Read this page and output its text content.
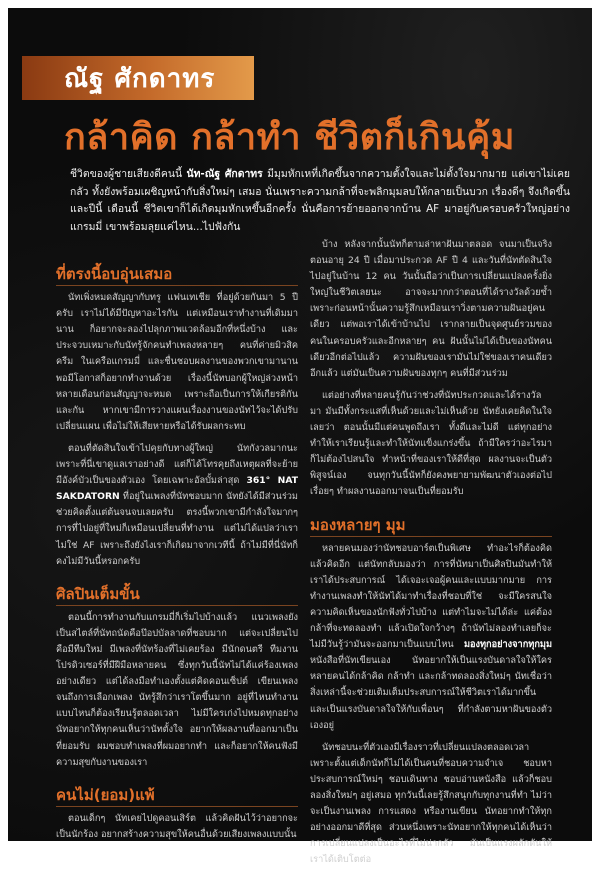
ณัฐ ศักดาทร
กล้าคิด กล้าทำ ชีวิตก็เกินคุ้ม
ชีวิตของผู้ชายเสียงดีคนนี้ นัท-ณัฐ ศักดาทร มีมุมหักเหที่เกิดขึ้นจากความตั้งใจและไม่ตั้งใจมากมาย แต่เขาไม่เคยกลัว ทั้งยังพร้อมเผชิญหน้ากับสิ่งใหม่ๆ เสมอ นั่นเพราะความกล้าที่จะพลิกมุมลบให้กลายเป็นบวก เรื่องดีๆ จึงเกิดขึ้น และปีนี้ เดือนนี้ ชีวิตเขาก็ได้เกิดมุมหักเหขึ้นอีกครั้ง นั่นคือการย้ายออกจากบ้าน AF มาอยู่กับครอบครัวใหญ่อย่างแกรมมี่ เขาพร้อมลุยแค่ไหน...ไปฟังกัน
ที่ตรงนี้อบอุ่นเสมอ

นัทเพิ่งหมดสัญญากับทรู แฟนเทเชีย ที่อยู่ด้วยกันมา 5 ปีครับ เราไม่ได้มีปัญหาอะไรกัน แต่เหมือนเราทำงานที่เดิมมานาน ก็อยากจะลองไปลุกภาพแวดล้อมอีกที่หนึ่งบ้าง และประจวบเหมาะกับนัทรู้จักคนทำเพลงหลายๆ คนที่ค่ายมิวสิค ครีม ในเครือแกรมมี่ และชื่นชอบผลงานของพวกเขามานาน พอมีโอกาสก็อยากทำงานด้วย เรื่องนี้นัทบอกผู้ใหญ่ล่วงหน้าหลายเดือนก่อนสัญญาจะหมด เพราะถือเป็นการให้เกียรติกันและกัน หากเขามีการวางแผนเรื่องงานของนัทไว้จะได้ปรับเปลี่ยนแผน เพื่อไม่ให้เสียหายหรือได้รับผลกระทบ

ตอนที่ตัดสินใจเข้าไปคุยกับทางผู้ใหญ่ นัทกังวลมากนะ เพราะที่นี่เขาดูแลเราอย่างดี แต่ก็ได้โทรคุยถึงเหตุผลที่จะย้าย มีอังค์บัวเป็นของตัวเอง โดยเฉพาะอัลบั้มล่าสุด 361° NAT SAKDATORN ที่อยู่ในเพลงที่นัทชอบมาก นัทยังได้มีส่วนร่วมช่วยคิดตั้งแต่ต้นจนจบเลยครับ ตรงนี้พวกเขามีกำลังใจมากๆ การที่ไปอยู่ที่ใหม่ก็เหมือนเปลี่ยนที่ทำงาน แต่ไม่ได้แปลว่าเราไม่ใช่ AF เพราะถึงยังไงเราก็เกิดมาจากเวทีนี้ ถ้าไม่มีที่นี่นัทก็คงไม่มีวันนี้หรอกครับ

ศิลปินเต็มขั้น

ตอนนี้การทำงานกับแกรมมี่ก็เริ่มไปบ้างแล้ว แนวเพลงยังเป็นสไตล์ที่นัทถนัดคือป๊อปบัลลาดที่ชอบมาก แต่จะเปลี่ยนไปคือมีทีมใหม่ มีเพลงที่นัทร้องที่ไม่เคยร้อง มีนักดนตรี ทีมงาน โปรดิวเซอร์ที่มีฝีมือหลายคน ซึ่งทุกวันนี้นัทไม่ได้แค่ร้องเพลงอย่างเดียว แต่ได้ลงมือทำเองตั้งแต่คิดคอนเซ็ปต์ เขียนเพลง จนถึงการเลือกเพลง นัทรู้สึกว่าเราโตขึ้นมาก อยู่ที่ไหนทำงานแบบไหนก็ต้องเรียนรู้ตลอดเวลา ไม่มีใครเก่งไปหมดทุกอย่าง นัทอยากให้ทุกคนเห็นว่านัทตั้งใจ อยากให้ผลงานที่ออกมาเป็นที่ยอมรับ ผมชอบทำเพลงที่ผมอยากทำ และก็อยากให้คนฟังมีความสุขกับงานของเรา

คนไม่(ยอม)แพ้

ตอนเด็กๆ นัทเคยไปดูคอนเสิร์ต แล้วคิดฝันไว้ว่าอยากจะเป็นนักร้อง อยากสร้างความสุขให้คนอื่นด้วยเสียงเพลงแบบนั้น

บ้าง หลังจากนั้นนัทก็ตามล่าหาฝันมาตลอด จนมาเป็นจริงตอนอายุ 24 ปี เมื่อมาประกวด AF ปี 4 และวันที่นัทตัดสินใจไปอยู่ในบ้าน 12 คน วันนั้นถือว่าเป็นการเปลี่ยนแปลงครั้งยิ่งใหญ่ในชีวิตเลยนะ อาจจะมากกว่าตอนที่ได้รางวัลด้วยซ้ำ เพราะก่อนหน้านั้นความรู้สึกเหมือนเราวิ่งตามความฝันอยู่คนเดียว แต่พอเราได้เข้าบ้านไป เรากลายเป็นจุดศูนย์รวมของคนในครอบครัวและอีกหลายๆ คน ฝันนั้นไม่ได้เป็นของนัทคนเดียวอีกต่อไปแล้ว ความฝันของเรามันไม่ใช่ของเราคนเดียวอีกแล้ว แต่มันเป็นความฝันของทุกๆ คนที่มีส่วนร่วม

แต่อย่างที่หลายคนรู้กันว่าช่วงที่นัทประกวดและได้รางวัลมา มันมีทั้งกระแสที่เห็นด้วยและไม่เห็นด้วย นัทยังเคยคิดในใจเลยว่า ตอนนั้นมีแต่คนพูดถึงเรา ทั้งดีและไม่ดี แต่ทุกอย่างทำให้เราเรียนรู้และทำให้นัทแข็งแกร่งขึ้น ถ้ามีใครว่าอะไรมาก็ไม่ต้องไปสนใจ ทำหน้าที่ของเราให้ดีที่สุด ผลงานจะเป็นตัวพิสูจน์เอง จนทุกวันนี้นัทก็ยังคงพยายามพัฒนาตัวเองต่อไปเรื่อยๆ ทำผลงานออกมาจนเป็นที่ยอมรับ

มองหลายๆ มุม

หลายคนมองว่านัทชอบอาร์ตเป็นพิเศษ ทำอะไรก็ต้องคิดแล้วคิดอีก แต่นัทกลับมองว่า การที่นัทมาเป็นศิลปินมันทำให้เราได้ประสบการณ์ ได้เจอะเจอผู้คนและแบบมากมาย การทำงานเพลงทำให้นัทได้มาทำเรื่องที่ชอบที่ใช่ จะมีใครสนใจความคิดเห็นของนักฟังทั่วไปบ้าง แต่ทำไมจะไม่ได้ล่ะ แค่ต้องกล้าที่จะทดลองทำ แล้วเปิดใจกว้างๆ ถ้านัทไม่ลองทำเลยก็จะไม่มีวันรู้ว่ามันจะออกมาเป็นแบบไหน มองทุกอย่างจากทุกมุม หนังสือที่นัทเขียนเอง นัทอยากให้เป็นแรงบันดาลใจให้ใครหลายคนได้กล้าคิด กล้าทำ และกล้าทดลองสิ่งใหม่ๆ นัทเชื่อว่าสิ่งเหล่านี้จะช่วยเติมเต็มประสบการณ์ให้ชีวิตเราได้มากขึ้น และเป็นแรงบันดาลใจให้กับเพื่อนๆ ที่กำลังตามหาฝันของตัวเองอยู่

นัทชอบนะที่ตัวเองมีเรื่องราวที่เปลี่ยนแปลงตลอดเวลาเพราะตั้งแต่เด็กนัทก็ไม่ได้เป็นคนที่ชอบความจำเจ ชอบหาประสบการณ์ใหม่ๆ ชอบเดินทาง ชอบอ่านหนังสือ แล้วก็ชอบลองสิ่งใหม่ๆ อยู่เสมอ ทุกวันนี้เลยรู้สึกสนุกกับทุกงานที่ทำ ไม่ว่าจะเป็นงานเพลง การแสดง หรืองานเขียน นัทอยากทำให้ทุกอย่างออกมาดีที่สุด ส่วนหนึ่งเพราะนัทอยากให้ทุกคนได้เห็นว่า การเปลี่ยนแปลงเป็นอะไรที่ไม่น่ากลัว มันเป็นแรงผลักดันให้เราได้เติบโตต่อ
